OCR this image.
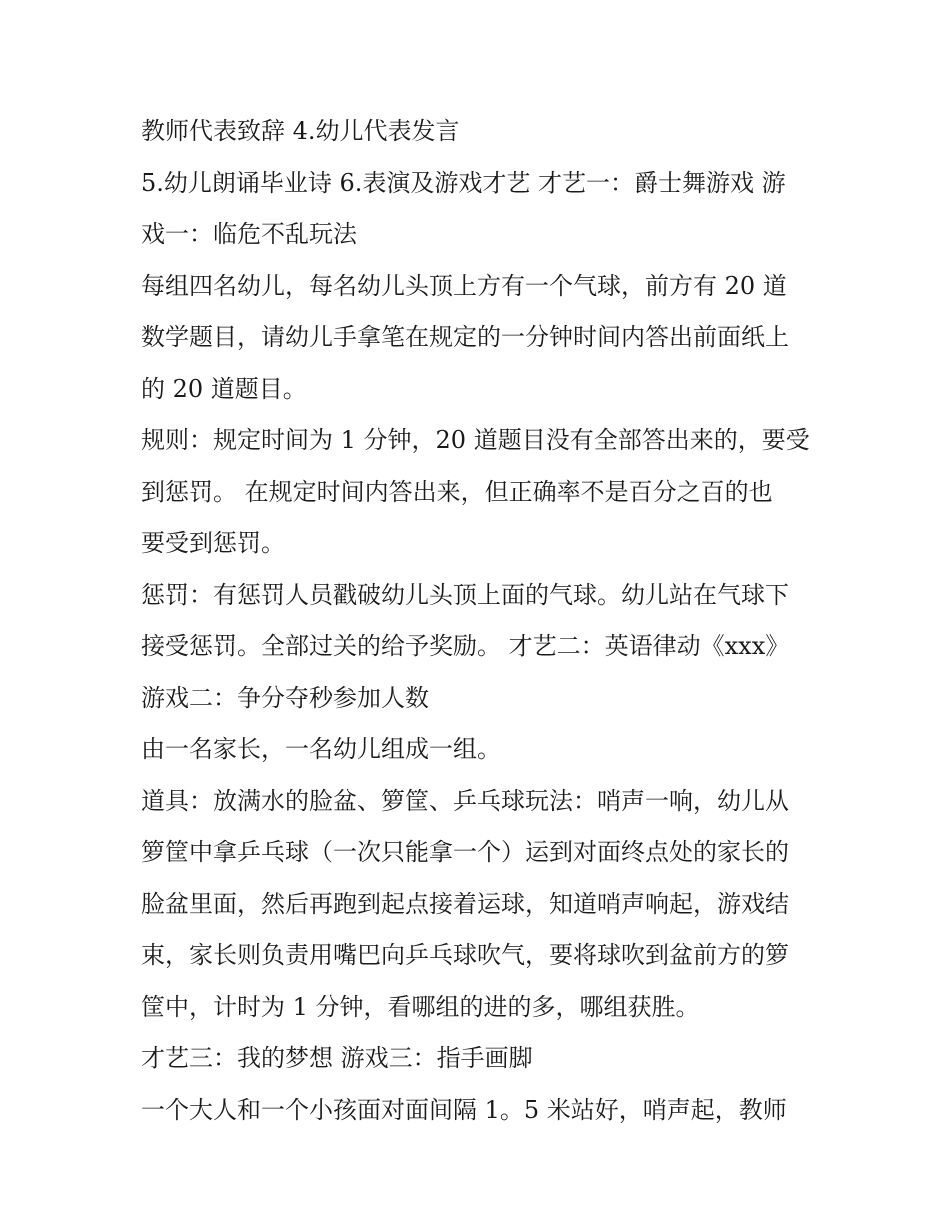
教师代表致辞 4.幼儿代表发言
5.幼儿朗诵毕业诗 6.表演及游戏才艺 才艺一：爵士舞游戏 游
戏一：临危不乱玩法
每组四名幼儿，每名幼儿头顶上方有一个气球，前方有 20 道
数学题目，请幼儿手拿笔在规定的一分钟时间内答出前面纸上
的 20 道题目。
规则：规定时间为 1 分钟，20 道题目没有全部答出来的，要受
到惩罚。 在规定时间内答出来，但正确率不是百分之百的也
要受到惩罚。
惩罚：有惩罚人员戳破幼儿头顶上面的气球。幼儿站在气球下
接受惩罚。全部过关的给予奖励。 才艺二：英语律动《xxx》
游戏二：争分夺秒参加人数
由一名家长，一名幼儿组成一组。
道具：放满水的脸盆、箩筐、乒乓球玩法：哨声一响，幼儿从
箩筐中拿乒乓球（一次只能拿一个）运到对面终点处的家长的
脸盆里面，然后再跑到起点接着运球，知道哨声响起，游戏结
束，家长则负责用嘴巴向乒乓球吹气，要将球吹到盆前方的箩
筐中，计时为 1 分钟，看哪组的进的多，哪组获胜。
才艺三：我的梦想 游戏三：指手画脚
一个大人和一个小孩面对面间隔 1。5 米站好，哨声起，教师
